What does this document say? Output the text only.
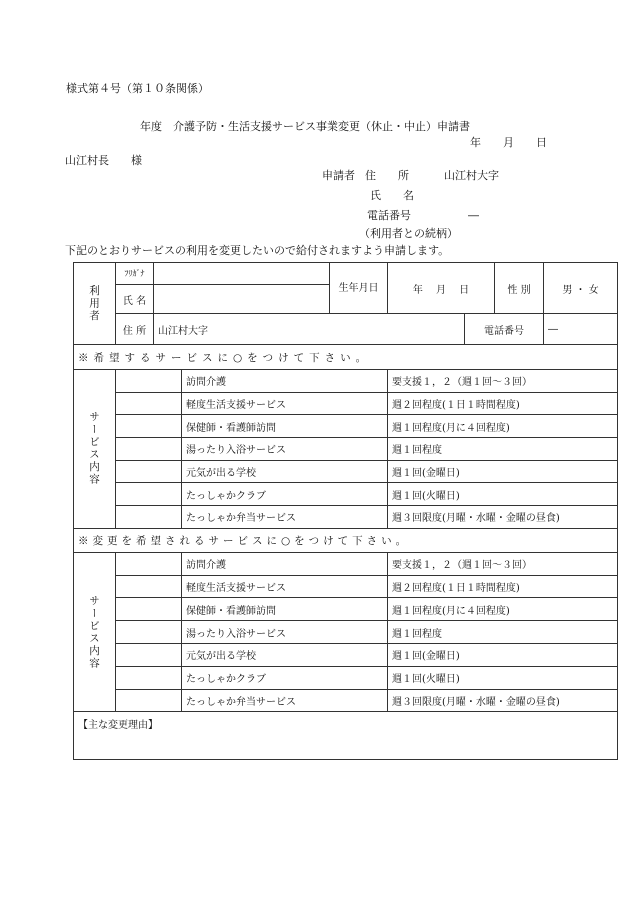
様式第４号（第１０条関係）
年度　介護予防・生活支援サービス事業変更（休止・中止）申請書
年　　月　　日
山江村長　　様
申請者 住　　所	山江村大字
氏　　名
電話番号	―
（利用者との続柄）
下記のとおりサービスの利用を変更したいので給付されますよう申請します。
利用者	ﾌﾘｶﾞﾅ			生年月日	年　 月　 日		性 別	男 ・ 女
	氏 名							
	住 所	山江村大字				電話番号		―
※希望するサービスに○をつけて下さい。								

サービス内容			訪問介護		要支援１，２（週１回～３回）			
			軽度生活支援サービス		週２回程度(１日１時間程度)			
			保健師・看護師訪問		週１回程度(月に４回程度)			
			湯ったり入浴サービス		週１回程度			
			元気が出る学校		週１回(金曜日)			
			たっしゃかクラブ		週１回(火曜日)			
			たっしゃか弁当サービス		週３回限度(月曜・水曜・金曜の昼食)			
※変更を希望されるサービスに○をつけて下さい。								

サービス内容			訪問介護		要支援１，２（週１回～３回）			
			軽度生活支援サービス		週２回程度(１日１時間程度)			
			保健師・看護師訪問		週１回程度(月に４回程度)			
			湯ったり入浴サービス		週１回程度			
			元気が出る学校		週１回(金曜日)			
			たっしゃかクラブ		週１回(火曜日)			
			たっしゃか弁当サービス		週３回限度(月曜・水曜・金曜の昼食)			
【主な変更理由】								
